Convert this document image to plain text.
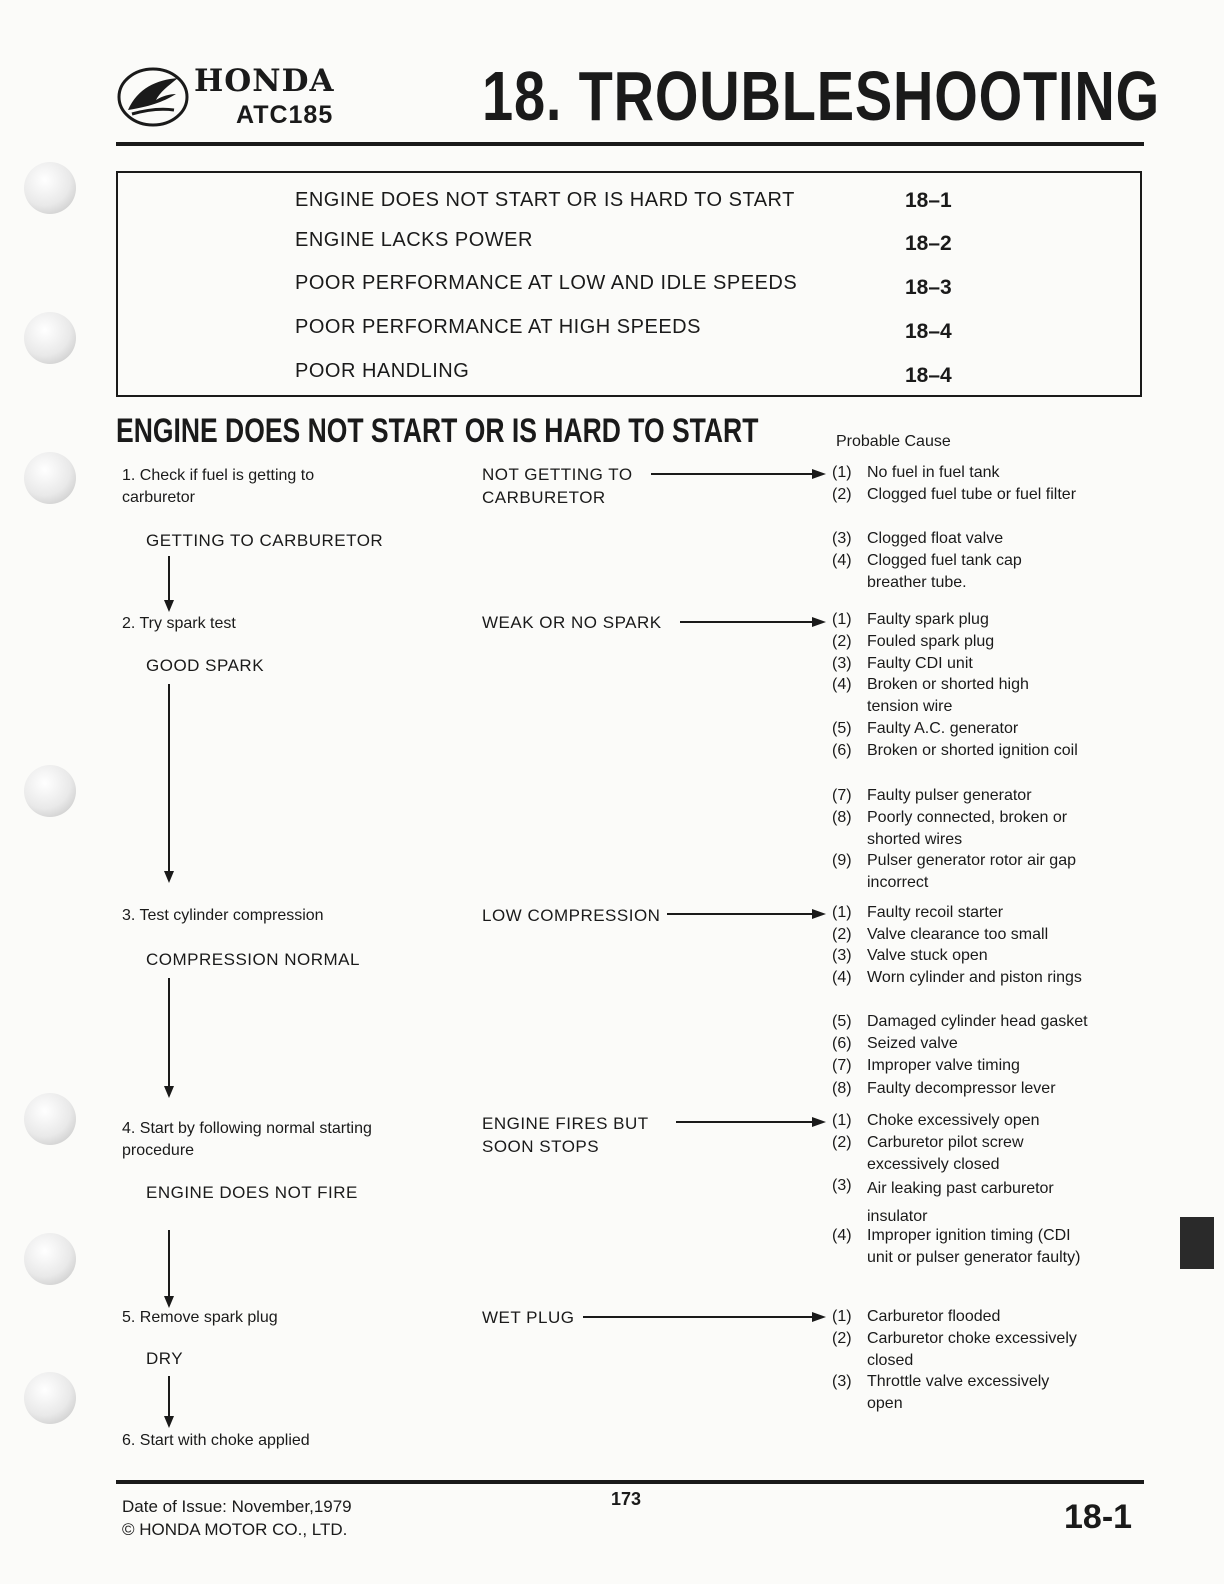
HONDA
ATC185 18. TROUBLESHOOTING
ENGINE DOES NOT START OR IS HARD TO START	18–1
ENGINE LACKS POWER	18–2
POOR PERFORMANCE AT LOW AND IDLE SPEEDS	18–3
POOR PERFORMANCE AT HIGH SPEEDS	18–4
POOR HANDLING	18–4
ENGINE DOES NOT START OR IS HARD TO START	Probable Cause
1. Check if fuel is getting to carburetor
GETTING TO CARBURETOR
NOT GETTING TO CARBURETOR
(1) No fuel in fuel tank
(2) Clogged fuel tube or fuel filter
(3) Clogged float valve
(4) Clogged fuel tank cap breather tube.
2. Try spark test
GOOD SPARK
WEAK OR NO SPARK	(1) Faulty spark plug
(2) Fouled spark plug
(3) Faulty CDI unit
(4) Broken or shorted high tension wire
(5) Faulty A.C. generator
(6) Broken or shorted ignition coil
(7) Faulty pulser generator
(8) Poorly connected, broken or shorted wires
(9) Pulser generator rotor air gap incorrect
3. Test cylinder compression
COMPRESSION NORMAL
LOW COMPRESSION	(1) Faulty recoil starter
(2) Valve clearance too small
(3) Valve stuck open
(4) Worn cylinder and piston rings
(5) Damaged cylinder head gasket
(6) Seized valve
(7) Improper valve timing
(8) Faulty decompressor lever
4. Start by following normal starting procedure
ENGINE DOES NOT FIRE
ENGINE FIRES BUT SOON STOPS
(1) Choke excessively open
(2) Carburetor pilot screw excessively closed
(3) Air leaking past carburetor insulator
(4) Improper ignition timing (CDI unit or pulser generator faulty)
5. Remove spark plug
DRY
WET PLUG	(1) Carburetor flooded
(2) Carburetor choke excessively closed
(3) Throttle valve excessively open
6. Start with choke applied
Date of Issue: November,1979
© HONDA MOTOR CO., LTD.
173	18-1
